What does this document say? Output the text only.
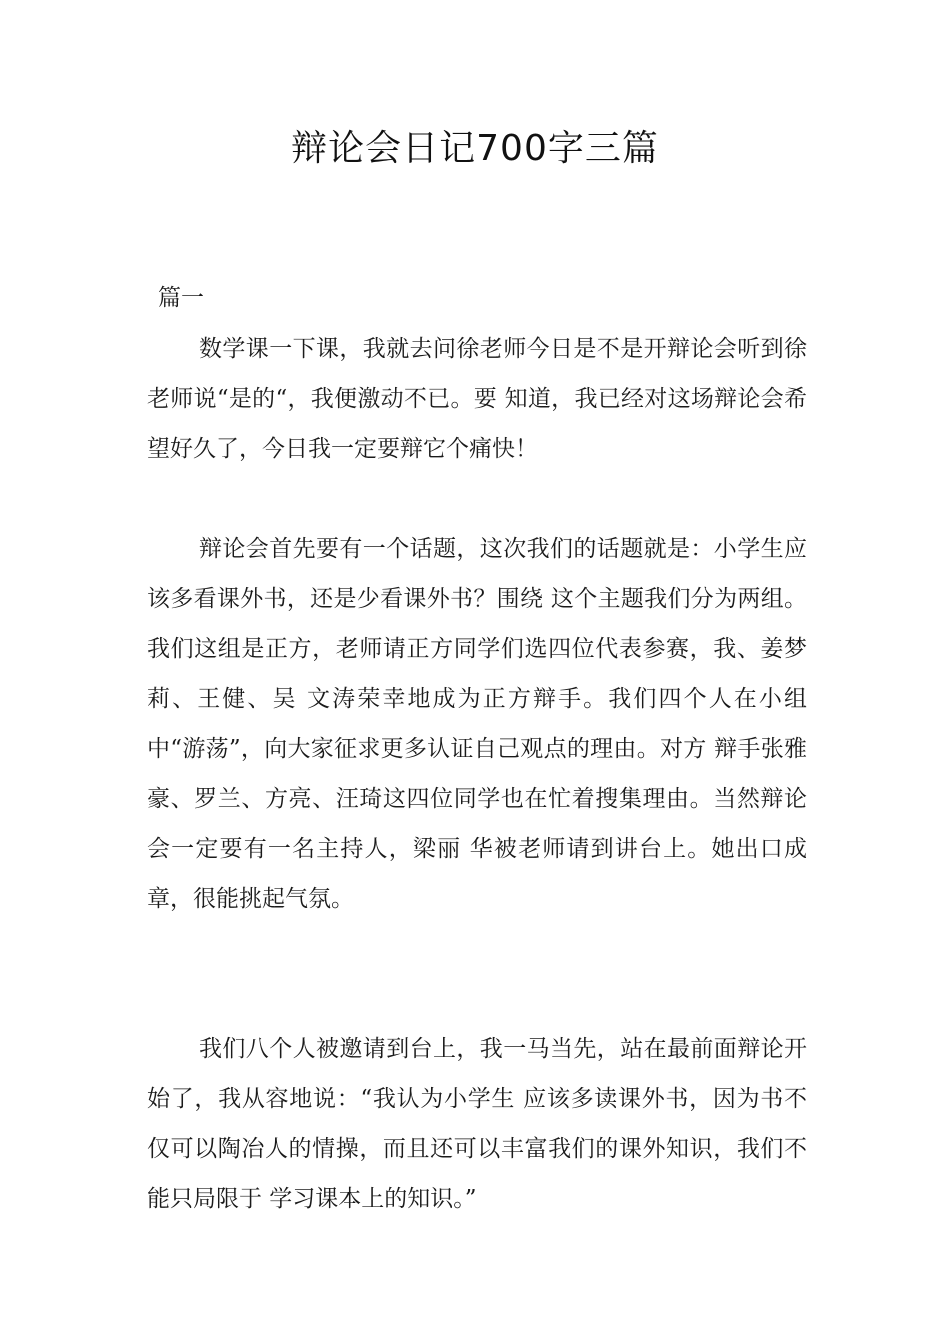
辩论会日记700字三篇
篇一

数学课一下课，我就去问徐老师今日是不是开辩论会听到徐老师说“是的“，我便激动不已。要 知道，我已经对这场辩论会希望好久了，今日我一定要辩它个痛快！

辩论会首先要有一个话题，这次我们的话题就是：小学生应该多看课外书，还是少看课外书？围绕 这个主题我们分为两组。我们这组是正方，老师请正方同学们选四位代表参赛，我、姜梦莉、王健、吴 文涛荣幸地成为正方辩手。我们四个人在小组中“游荡”，向大家征求更多认证自己观点的理由。对方 辩手张雅豪、罗兰、方亮、汪琦这四位同学也在忙着搜集理由。当然辩论会一定要有一名主持人，梁丽 华被老师请到讲台上。她出口成章，很能挑起气氛。

我们八个人被邀请到台上，我一马当先，站在最前面辩论开始了，我从容地说：“我认为小学生 应该多读课外书，因为书不仅可以陶冶人的情操，而且还可以丰富我们的课外知识，我们不能只局限于 学习课本上的知识。”
